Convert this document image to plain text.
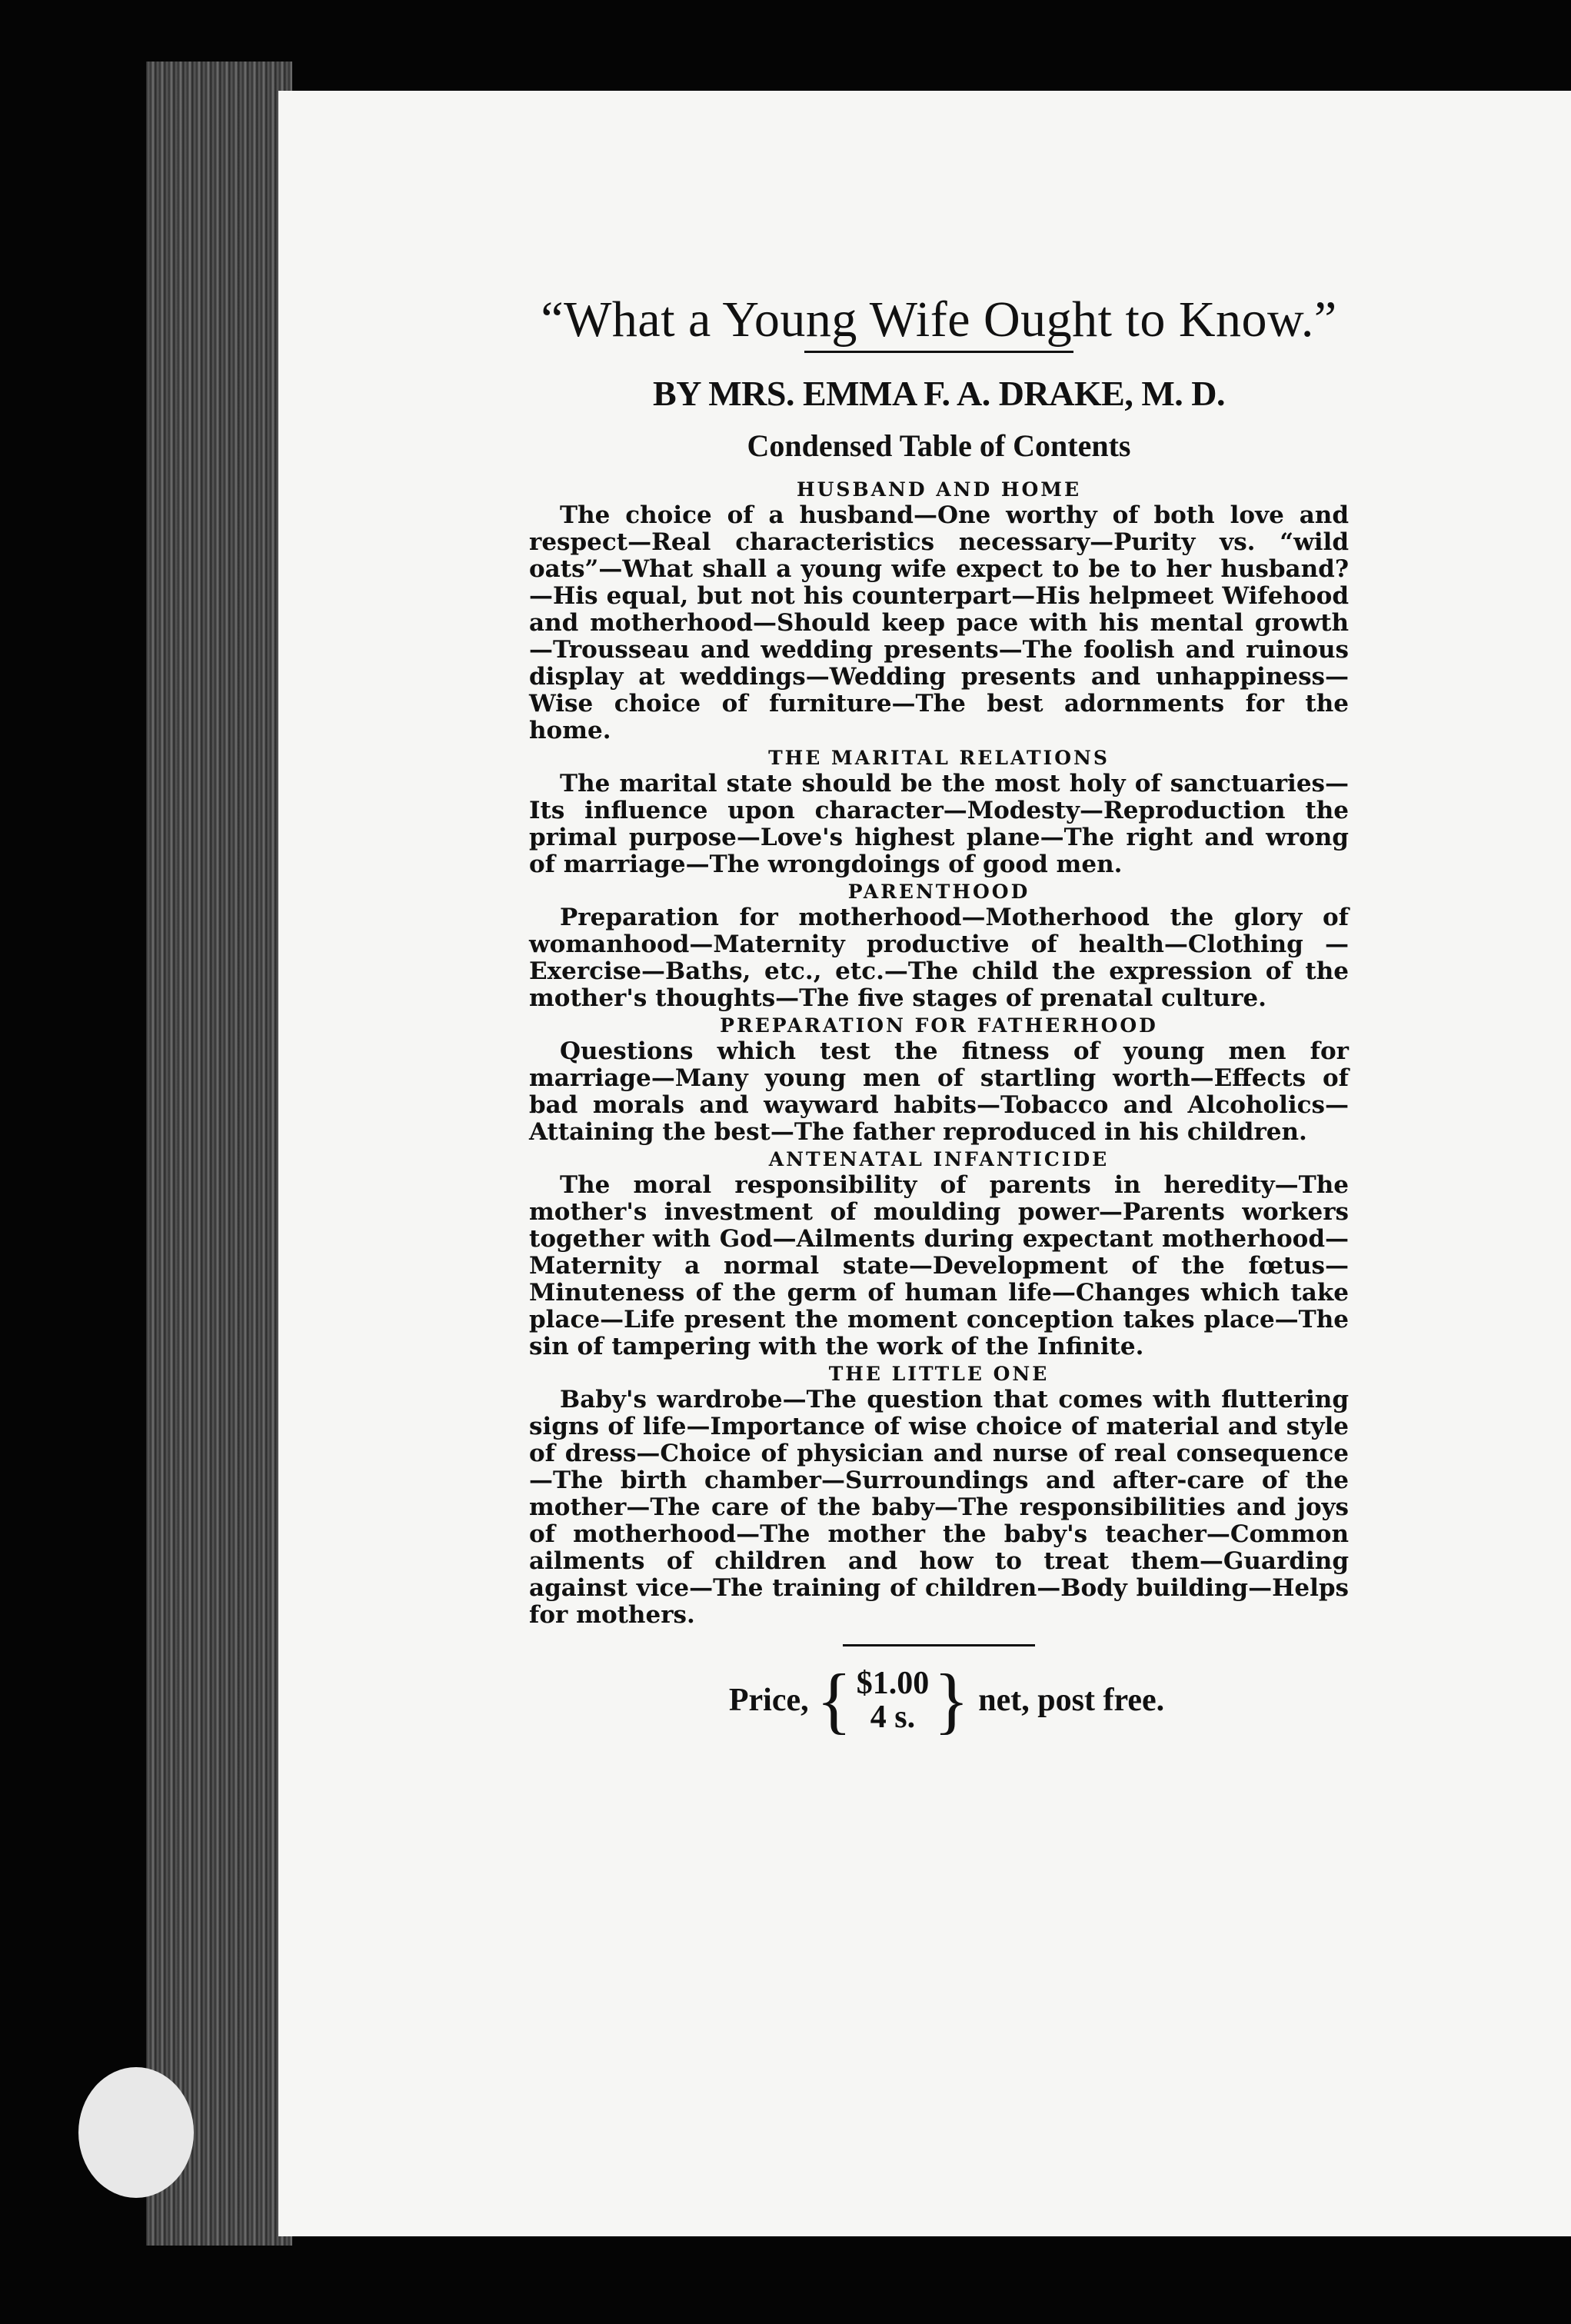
“What a Young Wife Ought to Know.”

BY MRS. EMMA F. A. DRAKE, M. D.

Condensed Table of Contents

HUSBAND AND HOME

The choice of a husband—One worthy of both love and respect—Real characteristics necessary—Purity vs. “wild oats”—What shall a young wife expect to be to her husband?—His equal, but not his counterpart—His helpmeet Wifehood and motherhood—Should keep pace with his mental growth—Trousseau and wedding presents—The foolish and ruinous display at weddings—Wedding presents and unhappiness—Wise choice of furniture—The best adornments for the home.

THE MARITAL RELATIONS

The marital state should be the most holy of sanctuaries—Its influence upon character—Modesty—Reproduction the primal purpose—Love's highest plane—The right and wrong of marriage—The wrongdoings of good men.

PARENTHOOD

Preparation for motherhood—Motherhood the glory of womanhood—Maternity productive of health—Clothing —Exercise—Baths, etc., etc.—The child the expression of the mother's thoughts—The five stages of prenatal culture.

PREPARATION FOR FATHERHOOD

Questions which test the fitness of young men for marriage—Many young men of startling worth—Effects of bad morals and wayward habits—Tobacco and Alcoholics—Attaining the best—The father reproduced in his children.

ANTENATAL INFANTICIDE

The moral responsibility of parents in heredity—The mother's investment of moulding power—Parents workers together with God—Ailments during expectant motherhood—Maternity a normal state—Development of the fœtus—Minuteness of the germ of human life—Changes which take place—Life present the moment conception takes place—The sin of tampering with the work of the Infinite.

THE LITTLE ONE

Baby's wardrobe—The question that comes with fluttering signs of life—Importance of wise choice of material and style of dress—Choice of physician and nurse of real consequence—The birth chamber—Surroundings and after-care of the mother—The care of the baby—The responsibilities and joys of motherhood—The mother the baby's teacher—Common ailments of children and how to treat them—Guarding against vice—The training of children—Body building—Helps for mothers.

Price, { $1.00
4 s. } net, post free.
